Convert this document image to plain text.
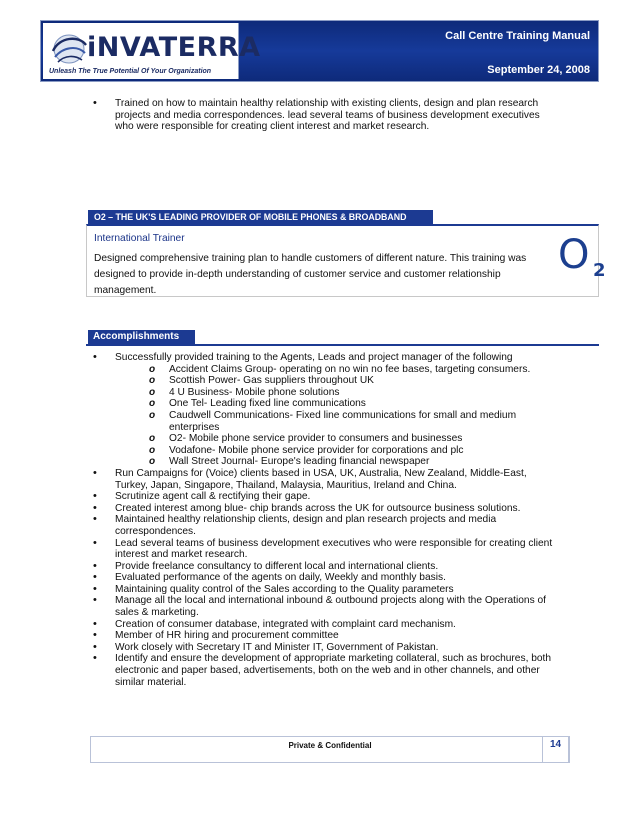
iNVATERRA
Unleash The True Potential Of Your Organization
Call Centre Training Manual
September 24, 2008
• Trained on how to maintain healthy relationship with existing clients, design and plan research projects and media correspondences. lead several teams of business development executives who were responsible for creating client interest and market research.
O2 – THE UK'S LEADING PROVIDER OF MOBILE PHONES & BROADBAND
International Trainer
Designed comprehensive training plan to handle customers of different nature. This training was designed to provide in-depth understanding of customer service and customer relationship management.
O 2
Accomplishments
• Successfully provided training to the Agents, Leads and project manager of the following
o Accident Claims Group- operating on no win no fee bases, targeting consumers.
o Scottish Power- Gas suppliers throughout UK
o 4 U Business- Mobile phone solutions
o One Tel- Leading fixed line communications
o Caudwell Communications- Fixed line communications for small and medium enterprises
o O2- Mobile phone service provider to consumers and businesses
o Vodafone- Mobile phone service provider for corporations and plc
o Wall Street Journal- Europe's leading financial newspaper
• Run Campaigns for (Voice) clients based in USA, UK, Australia, New Zealand, Middle-East, Turkey, Japan, Singapore, Thailand, Malaysia, Mauritius, Ireland and China.
• Scrutinize agent call & rectifying their gape.
• Created interest among blue- chip brands across the UK for outsource business solutions.
• Maintained healthy relationship clients, design and plan research projects and media correspondences.
• Lead several teams of business development executives who were responsible for creating client interest and market research.
• Provide freelance consultancy to different local and international clients.
• Evaluated performance of the agents on daily, Weekly and monthly basis.
• Maintaining quality control of the Sales according to the Quality parameters
• Manage all the local and international inbound & outbound projects along with the Operations of sales & marketing.
• Creation of consumer database, integrated with complaint card mechanism.
• Member of HR hiring and procurement committee
• Work closely with Secretary IT and Minister IT, Government of Pakistan.
• Identify and ensure the development of appropriate marketing collateral, such as brochures, both electronic and paper based, advertisements, both on the web and in other channels, and other similar material.
Private & Confidential	14
